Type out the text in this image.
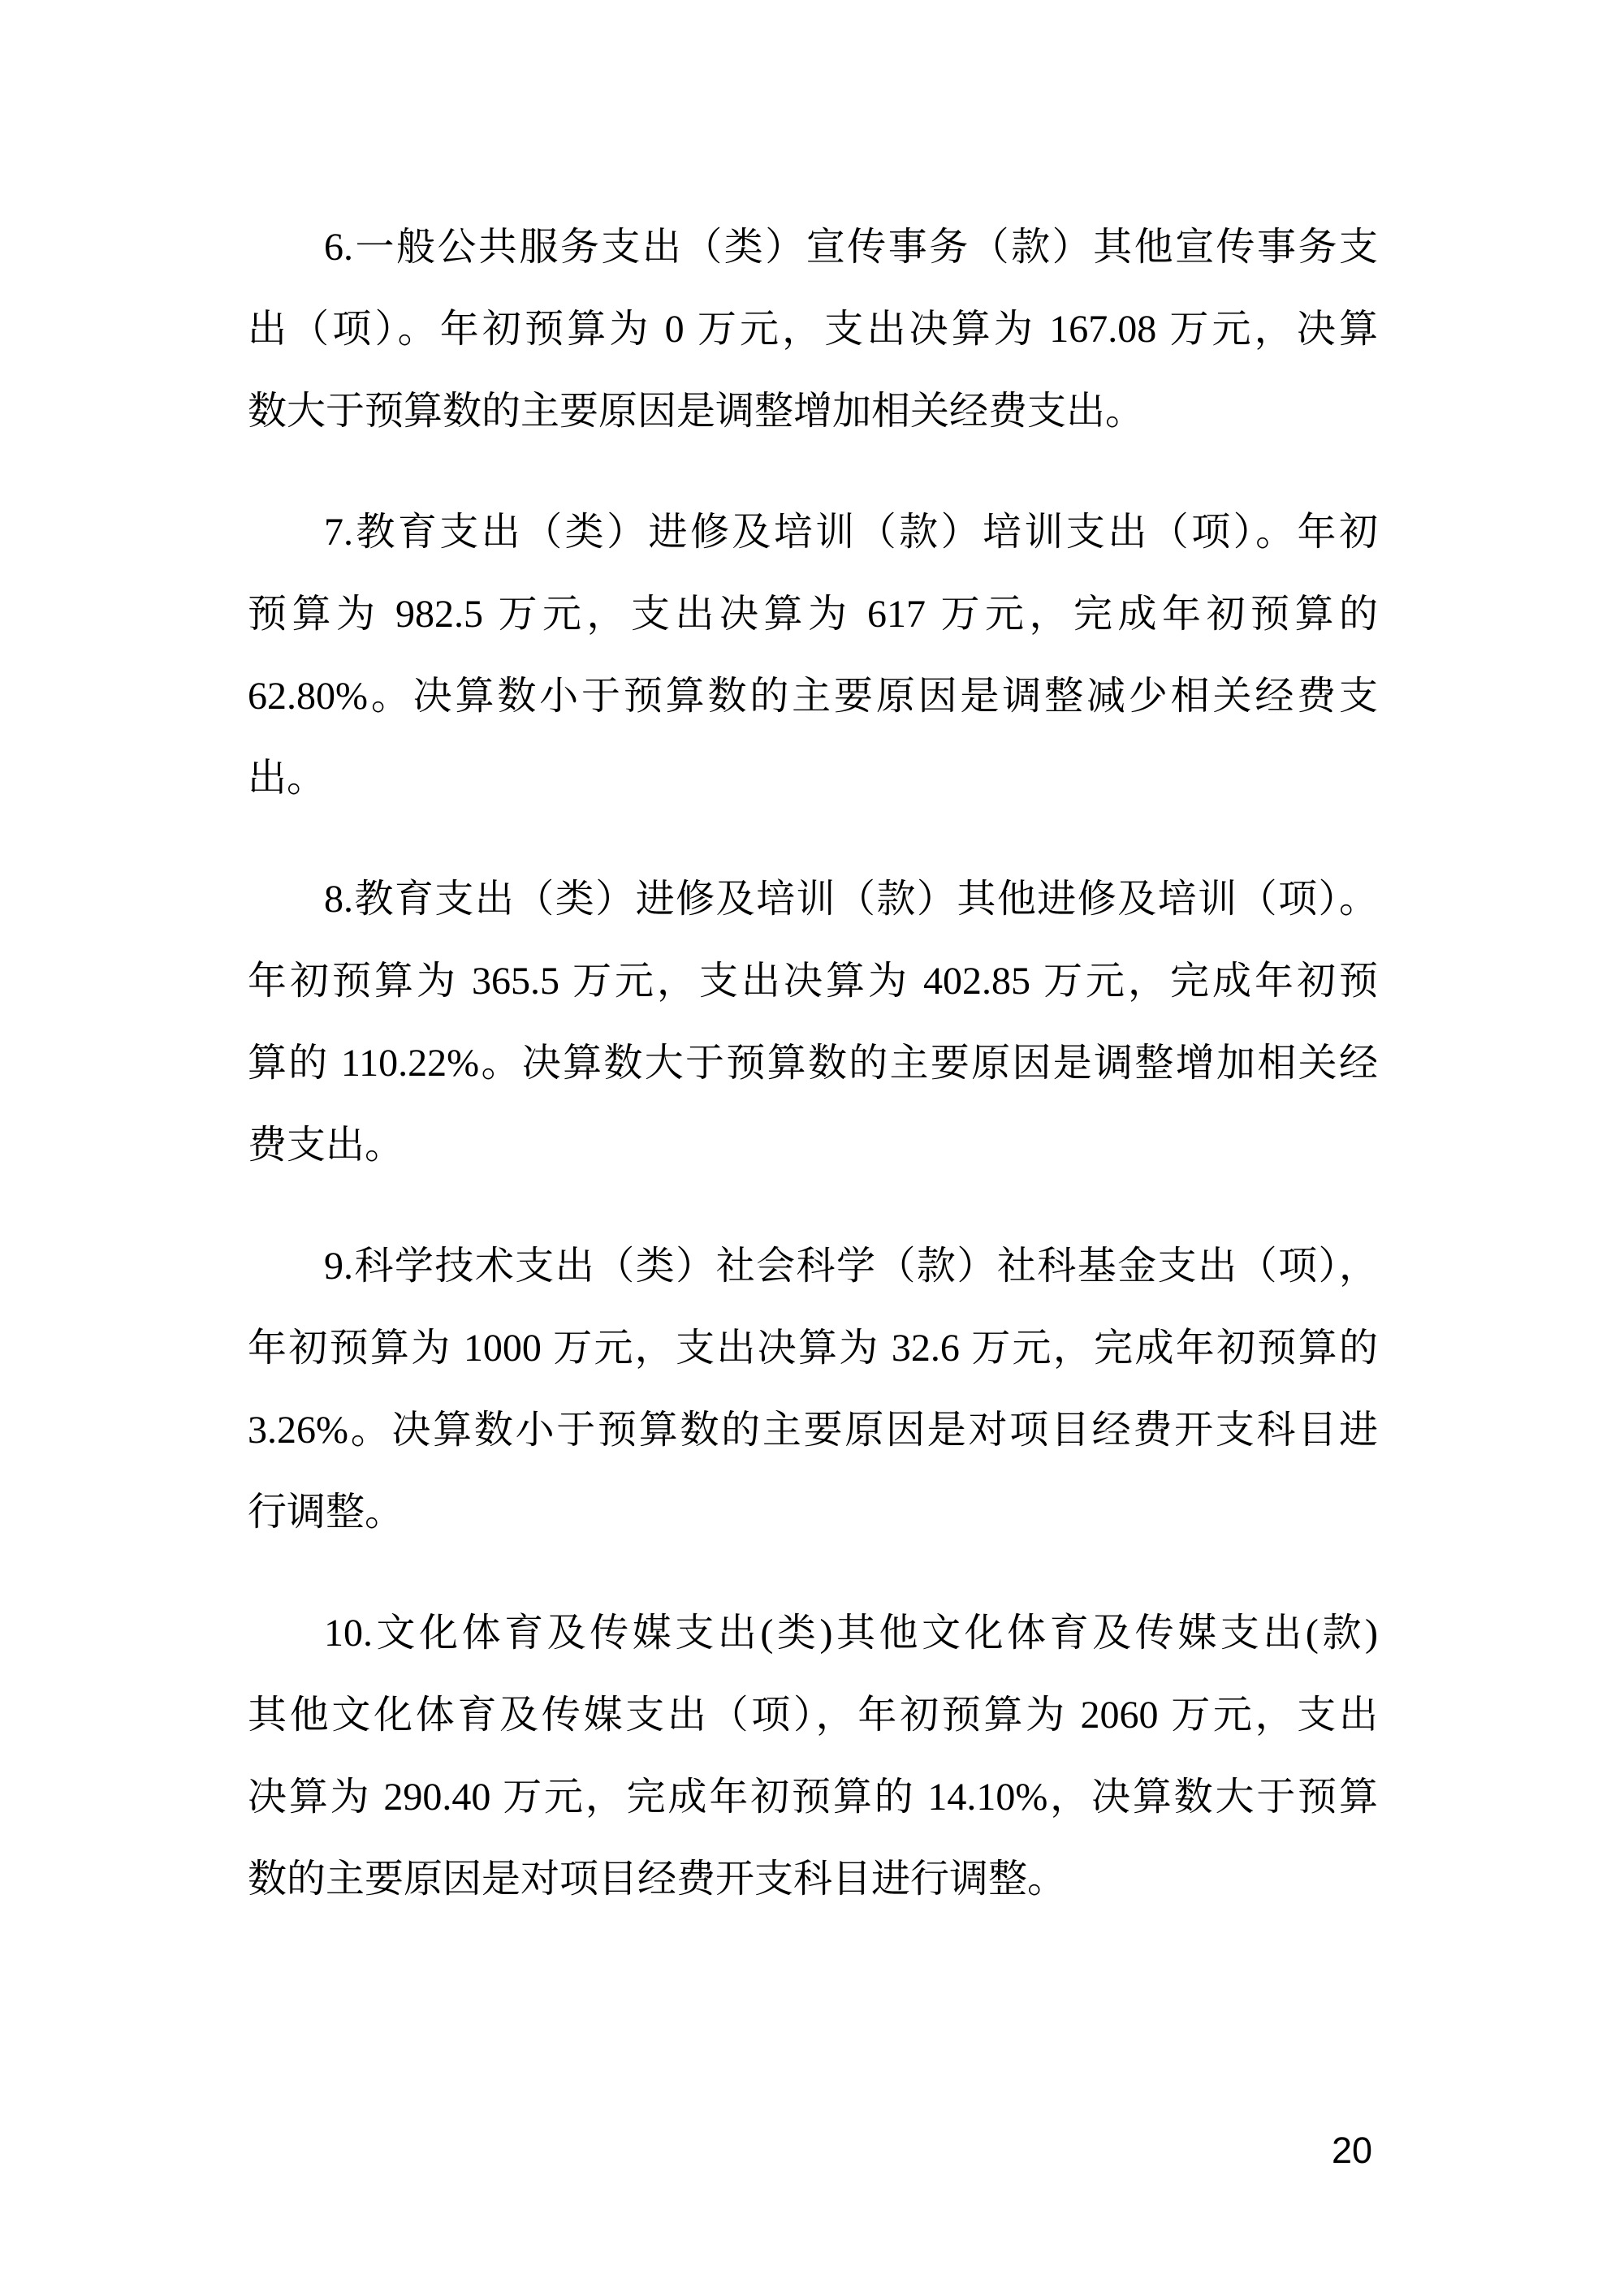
6.一般公共服务支出（类）宣传事务（款）其他宣传事务支
出（项）。年初预算为 0 万元，支出决算为 167.08 万元，决算
数大于预算数的主要原因是调整增加相关经费支出。
7.教育支出（类）进修及培训（款）培训支出（项）。年初
预算为 982.5 万元，支出决算为 617 万元，完成年初预算的
62.80%。决算数小于预算数的主要原因是调整减少相关经费支
出。
8.教育支出（类）进修及培训（款）其他进修及培训（项）。
年初预算为 365.5 万元，支出决算为 402.85 万元，完成年初预
算的 110.22%。决算数大于预算数的主要原因是调整增加相关经
费支出。
9.科学技术支出（类）社会科学（款）社科基金支出（项），
年初预算为 1000 万元，支出决算为 32.6 万元，完成年初预算的
3.26%。决算数小于预算数的主要原因是对项目经费开支科目进
行调整。
10.文化体育及传媒支出(类)其他文化体育及传媒支出(款)
其他文化体育及传媒支出（项），年初预算为 2060 万元，支出
决算为 290.40 万元，完成年初预算的 14.10%，决算数大于预算
数的主要原因是对项目经费开支科目进行调整。
20
